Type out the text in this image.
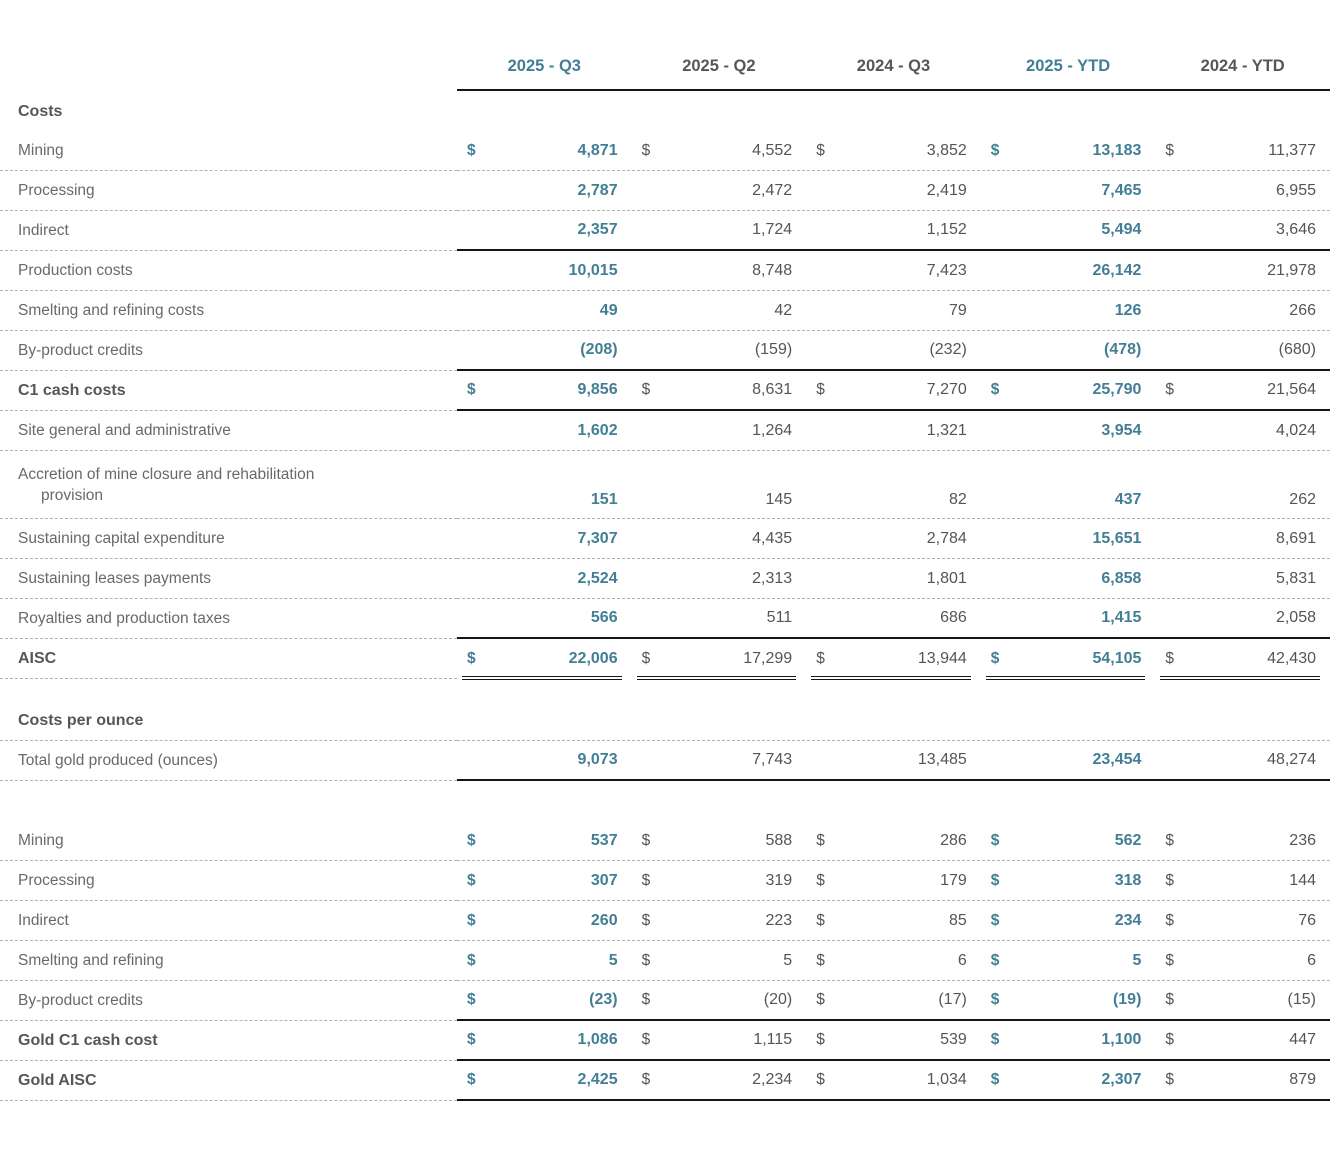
2025 - Q3	2025 - Q2	2024 - Q3	2025 - YTD	2024 - YTD
Costs
Mining	$	4,871 $	4,552 $	3,852 $	13,183 $	11,377
Processing	2,787	2,472	2,419	7,465	6,955
Indirect	2,357	1,724	1,152	5,494	3,646
Production costs	10,015	8,748	7,423	26,142	21,978
Smelting and refining costs	49	42	79	126	266
By-product credits	(208)	(159)	(232)	(478)	(680)
C1 cash costs	$	9,856 $	8,631 $	7,270 $	25,790 $	21,564
Site general and administrative	1,602	1,264	1,321	3,954	4,024
Accretion of mine closure and rehabilitation
provision	151	145	82	437	262
Sustaining capital expenditure	7,307	4,435	2,784	15,651	8,691
Sustaining leases payments	2,524	2,313	1,801	6,858	5,831
Royalties and production taxes	566	511	686	1,415	2,058
AISC	$	22,006 $	17,299 $	13,944 $	54,105 $	42,430
Costs per ounce
Total gold produced (ounces)	9,073	7,743	13,485	23,454	48,274
Mining	$	537 $	588 $	286 $	562 $	236
Processing	$	307 $	319 $	179 $	318 $	144
Indirect	$	260 $	223 $	85 $	234 $	76
Smelting and refining	$	5 $	5 $	6 $	5 $	6
By-product credits	$	(23) $	(20) $	(17) $	(19) $	(15)
Gold C1 cash cost	$	1,086 $	1,115 $	539 $	1,100 $	447
Gold AISC	$	2,425 $	2,234 $	1,034 $	2,307 $	879
